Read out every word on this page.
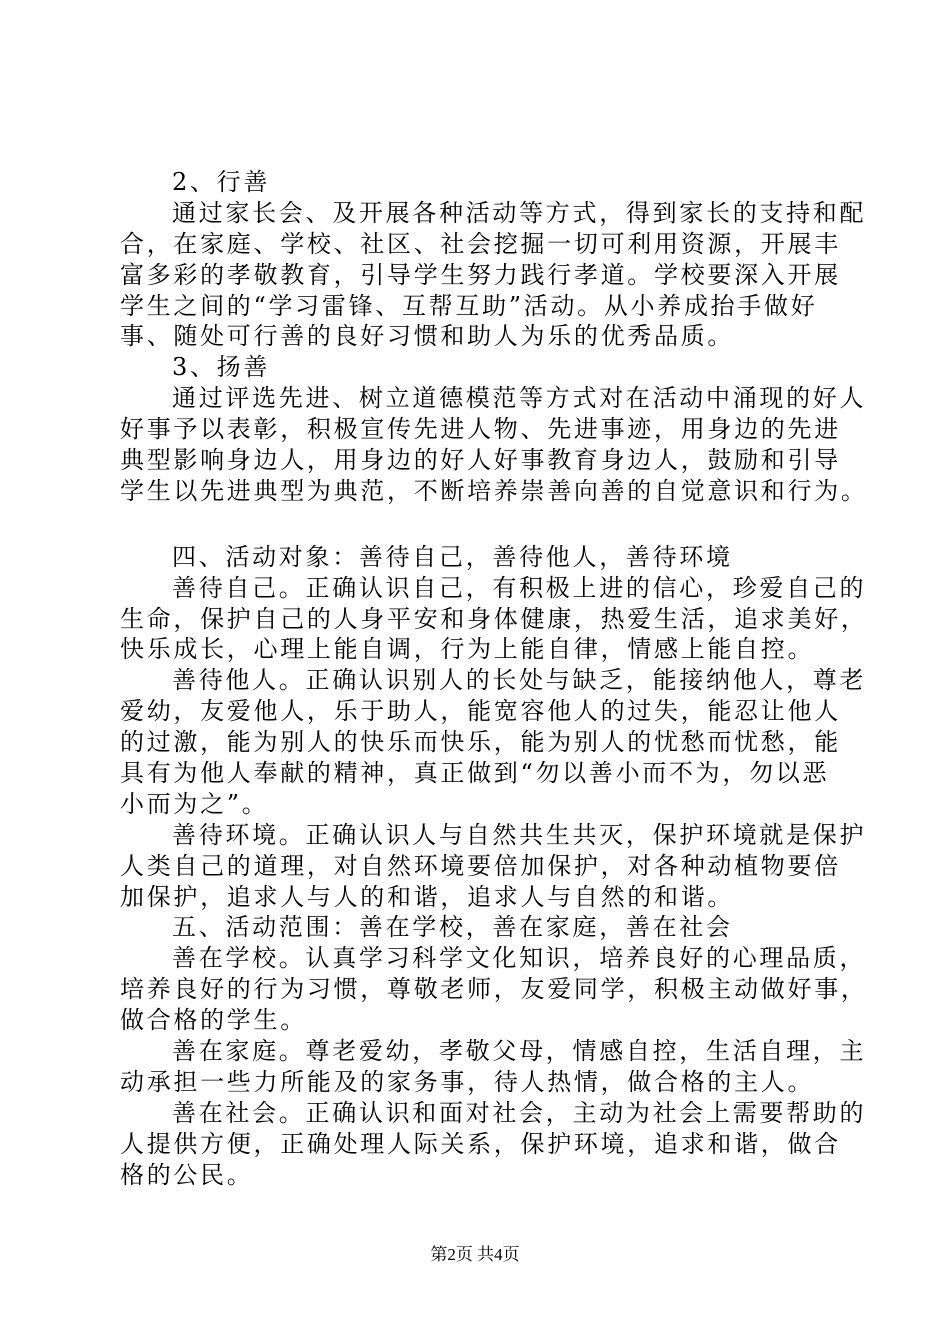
2、行善
通过家长会、及开展各种活动等方式，得到家长的支持和配
合，在家庭、学校、社区、社会挖掘一切可利用资源，开展丰
富多彩的孝敬教育，引导学生努力践行孝道。学校要深入开展
学生之间的“学习雷锋、互帮互助”活动。从小养成抬手做好
事、随处可行善的良好习惯和助人为乐的优秀品质。
3、扬善
通过评选先进、树立道德模范等方式对在活动中涌现的好人
好事予以表彰，积极宣传先进人物、先进事迹，用身边的先进
典型影响身边人，用身边的好人好事教育身边人，鼓励和引导
学生以先进典型为典范，不断培养崇善向善的自觉意识和行为。
四、活动对象：善待自己，善待他人，善待环境
善待自己。正确认识自己，有积极上进的信心，珍爱自己的
生命，保护自己的人身平安和身体健康，热爱生活，追求美好，
快乐成长，心理上能自调，行为上能自律，情感上能自控。
善待他人。正确认识别人的长处与缺乏，能接纳他人，尊老
爱幼，友爱他人，乐于助人，能宽容他人的过失，能忍让他人
的过激，能为别人的快乐而快乐，能为别人的忧愁而忧愁，能
具有为他人奉献的精神，真正做到“勿以善小而不为，勿以恶
小而为之”。
善待环境。正确认识人与自然共生共灭，保护环境就是保护
人类自己的道理，对自然环境要倍加保护，对各种动植物要倍
加保护，追求人与人的和谐，追求人与自然的和谐。
五、活动范围：善在学校，善在家庭，善在社会
善在学校。认真学习科学文化知识，培养良好的心理品质，
培养良好的行为习惯，尊敬老师，友爱同学，积极主动做好事，
做合格的学生。
善在家庭。尊老爱幼，孝敬父母，情感自控，生活自理，主
动承担一些力所能及的家务事，待人热情，做合格的主人。
善在社会。正确认识和面对社会，主动为社会上需要帮助的
人提供方便，正确处理人际关系，保护环境，追求和谐，做合
格的公民。
第2页 共4页
